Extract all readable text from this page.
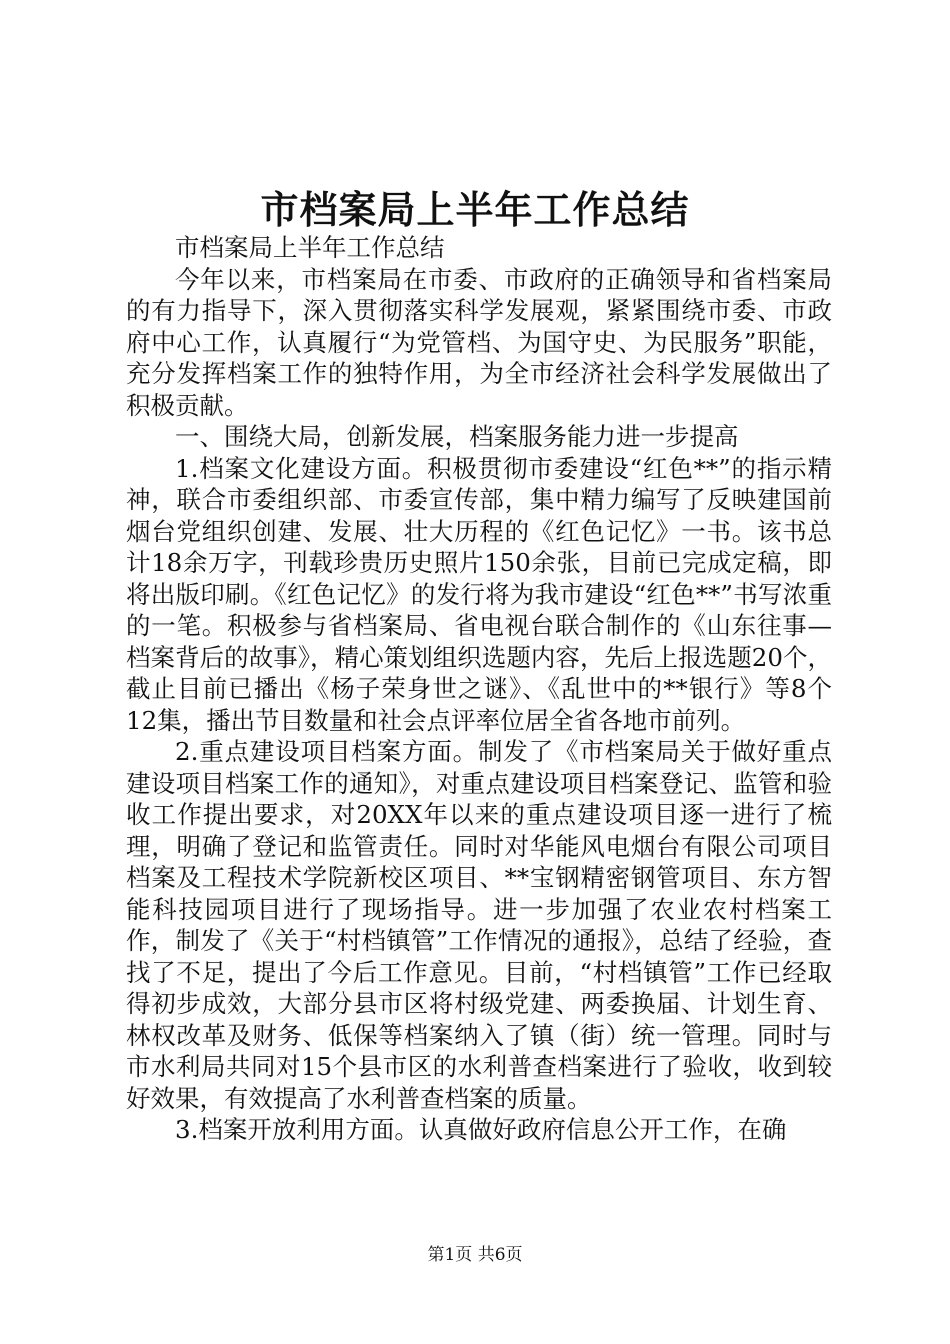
市档案局上半年工作总结

市档案局上半年工作总结

今年以来，市档案局在市委、市政府的正确领导和省档案局的有力指导下，深入贯彻落实科学发展观，紧紧围绕市委、市政府中心工作，认真履行“为党管档、为国守史、为民服务”职能，充分发挥档案工作的独特作用，为全市经济社会科学发展做出了积极贡献。

一、围绕大局，创新发展，档案服务能力进一步提高

1.档案文化建设方面。积极贯彻市委建设“红色**”的指示精神，联合市委组织部、市委宣传部，集中精力编写了反映建国前烟台党组织创建、发展、壮大历程的《红色记忆》一书。该书总计18余万字，刊载珍贵历史照片150余张，目前已完成定稿，即将出版印刷。《红色记忆》的发行将为我市建设“红色**”书写浓重的一笔。积极参与省档案局、省电视台联合制作的《山东往事—档案背后的故事》，精心策划组织选题内容，先后上报选题20个，截止目前已播出《杨子荣身世之谜》、《乱世中的**银行》等8个12集，播出节目数量和社会点评率位居全省各地市前列。

2.重点建设项目档案方面。制发了《市档案局关于做好重点建设项目档案工作的通知》，对重点建设项目档案登记、监管和验收工作提出要求，对20XX年以来的重点建设项目逐一进行了梳理，明确了登记和监管责任。同时对华能风电烟台有限公司项目档案及工程技术学院新校区项目、**宝钢精密钢管项目、东方智能科技园项目进行了现场指导。进一步加强了农业农村档案工作，制发了《关于“村档镇管”工作情况的通报》，总结了经验，查找了不足，提出了今后工作意见。目前，“村档镇管”工作已经取得初步成效，大部分县市区将村级党建、两委换届、计划生育、林权改革及财务、低保等档案纳入了镇（街）统一管理。同时与市水利局共同对15个县市区的水利普查档案进行了验收，收到较好效果，有效提高了水利普查档案的质量。

3.档案开放利用方面。认真做好政府信息公开工作，在确

第1页 共6页
